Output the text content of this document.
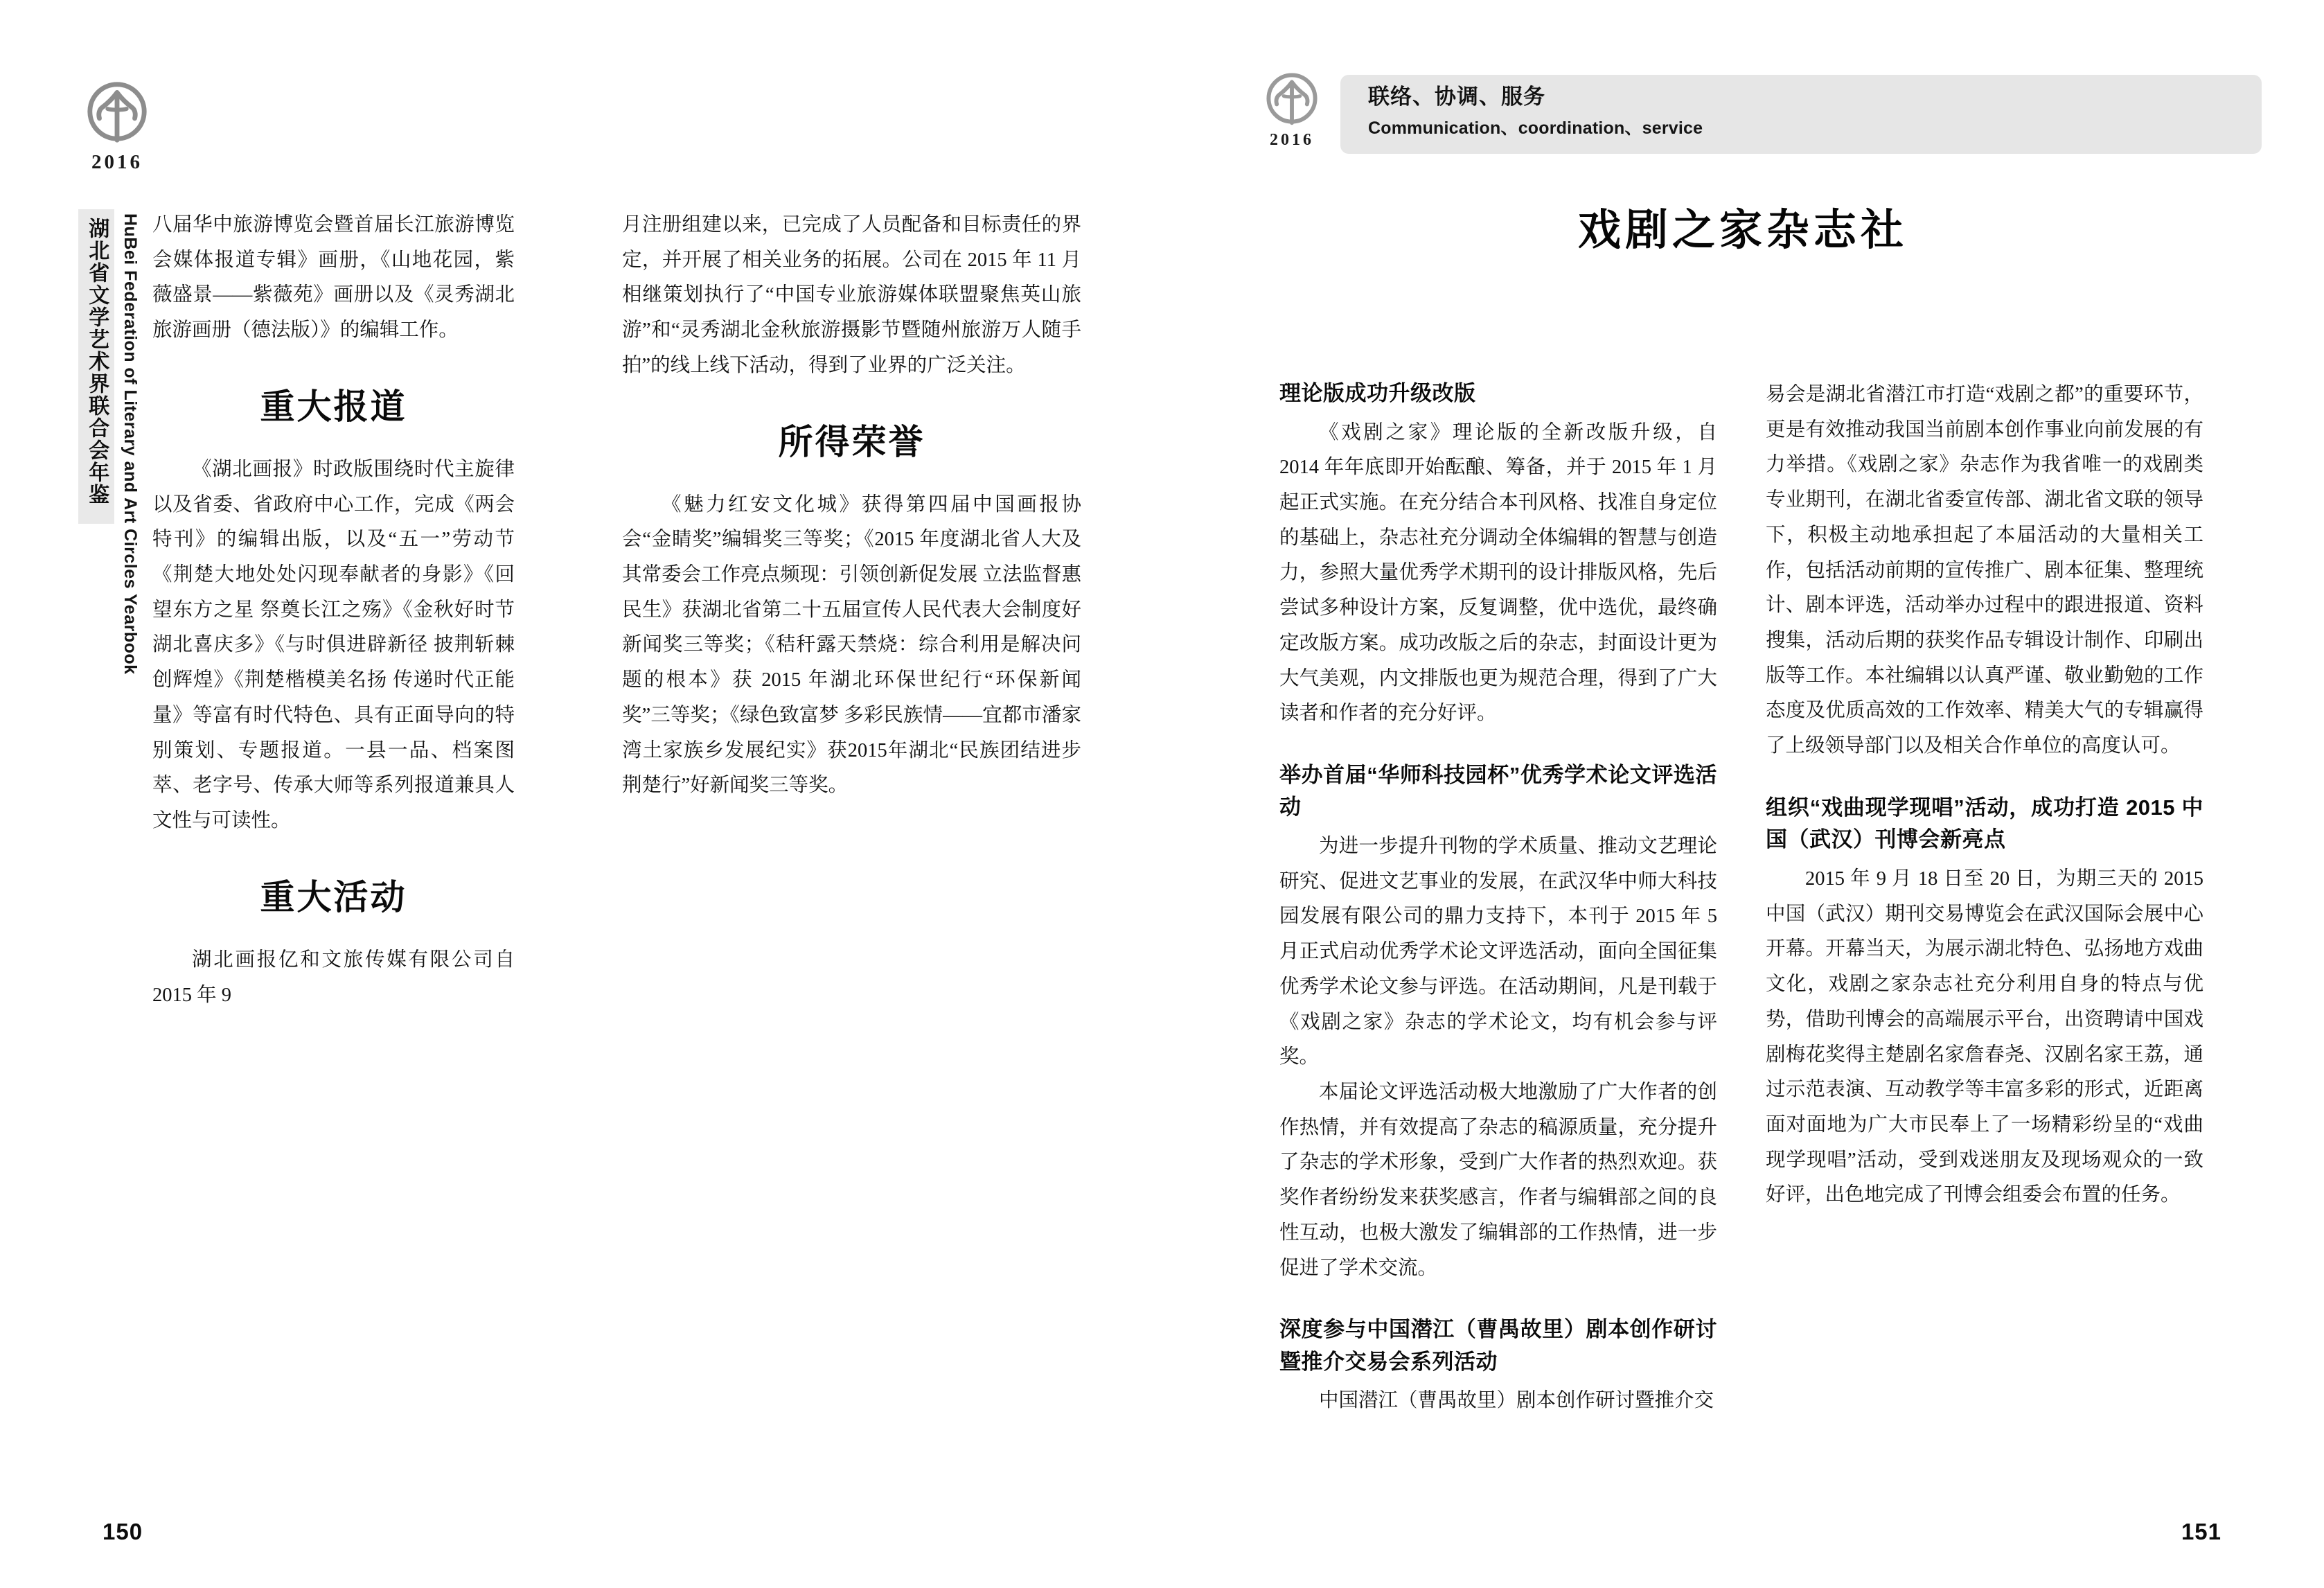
2016
湖北省文学艺术界联合会年鉴 HuBei Federation of Literary and Art Circles Yearbook 八届华中旅游博览会暨首届长江旅游博览会媒体报道专辑》画册，《山地花园，紫薇盛景——紫薇苑》画册以及《灵秀湖北旅游画册（德法版）》的编辑工作。

重大报道

《湖北画报》时政版围绕时代主旋律以及省委、省政府中心工作，完成《两会特刊》的编辑出版，以及“五一”劳动节《荆楚大地处处闪现奉献者的身影》《回望东方之星 祭奠长江之殇》《金秋好时节 湖北喜庆多》《与时俱进辟新径 披荆斩棘创辉煌》《荆楚楷模美名扬 传递时代正能量》等富有时代特色、具有正面导向的特别策划、专题报道。一县一品、档案图萃、老字号、传承大师等系列报道兼具人文性与可读性。

重大活动

湖北画报亿和文旅传媒有限公司自 2015 年 9

月注册组建以来，已完成了人员配备和目标责任的界定，并开展了相关业务的拓展。公司在 2015 年 11 月相继策划执行了“中国专业旅游媒体联盟聚焦英山旅游”和“灵秀湖北金秋旅游摄影节暨随州旅游万人随手拍”的线上线下活动，得到了业界的广泛关注。

所得荣誉

《魅力红安文化城》获得第四届中国画报协会“金睛奖”编辑奖三等奖；《2015 年度湖北省人大及其常委会工作亮点频现：引领创新促发展 立法监督惠民生》获湖北省第二十五届宣传人民代表大会制度好新闻奖三等奖；《秸秆露天禁烧：综合利用是解决问题的根本》获 2015 年湖北环保世纪行“环保新闻奖”三等奖；《绿色致富梦 多彩民族情——宜都市潘家湾土家族乡发展纪实》获2015年湖北“民族团结进步荆楚行”好新闻奖三等奖。

150
2016
联络、协调、服务
Communication、coordination、service
戏剧之家杂志社
理论版成功升级改版

《戏剧之家》理论版的全新改版升级，自 2014 年年底即开始酝酿、筹备，并于 2015 年 1 月起正式实施。在充分结合本刊风格、找准自身定位的基础上，杂志社充分调动全体编辑的智慧与创造力，参照大量优秀学术期刊的设计排版风格，先后尝试多种设计方案，反复调整，优中选优，最终确定改版方案。成功改版之后的杂志，封面设计更为大气美观，内文排版也更为规范合理，得到了广大读者和作者的充分好评。

举办首届“华师科技园杯”优秀学术论文评选活动

为进一步提升刊物的学术质量、推动文艺理论研究、促进文艺事业的发展，在武汉华中师大科技园发展有限公司的鼎力支持下，本刊于 2015 年 5 月正式启动优秀学术论文评选活动，面向全国征集优秀学术论文参与评选。在活动期间，凡是刊载于《戏剧之家》杂志的学术论文，均有机会参与评奖。

本届论文评选活动极大地激励了广大作者的创作热情，并有效提高了杂志的稿源质量，充分提升了杂志的学术形象，受到广大作者的热烈欢迎。获奖作者纷纷发来获奖感言，作者与编辑部之间的良性互动，也极大激发了编辑部的工作热情，进一步促进了学术交流。

深度参与中国潜江（曹禺故里）剧本创作研讨暨推介交易会系列活动

中国潜江（曹禺故里）剧本创作研讨暨推介交

易会是湖北省潜江市打造“戏剧之都”的重要环节，更是有效推动我国当前剧本创作事业向前发展的有力举措。《戏剧之家》杂志作为我省唯一的戏剧类专业期刊，在湖北省委宣传部、湖北省文联的领导下，积极主动地承担起了本届活动的大量相关工作，包括活动前期的宣传推广、剧本征集、整理统计、剧本评选，活动举办过程中的跟进报道、资料搜集，活动后期的获奖作品专辑设计制作、印刷出版等工作。本社编辑以认真严谨、敬业勤勉的工作态度及优质高效的工作效率、精美大气的专辑赢得了上级领导部门以及相关合作单位的高度认可。

组织“戏曲现学现唱”活动，成功打造 2015 中国（武汉）刊博会新亮点

2015 年 9 月 18 日至 20 日，为期三天的 2015 中国（武汉）期刊交易博览会在武汉国际会展中心开幕。开幕当天，为展示湖北特色、弘扬地方戏曲文化，戏剧之家杂志社充分利用自身的特点与优势，借助刊博会的高端展示平台，出资聘请中国戏剧梅花奖得主楚剧名家詹春尧、汉剧名家王荔，通过示范表演、互动教学等丰富多彩的形式，近距离面对面地为广大市民奉上了一场精彩纷呈的“戏曲现学现唱”活动，受到戏迷朋友及现场观众的一致好评，出色地完成了刊博会组委会布置的任务。

151
